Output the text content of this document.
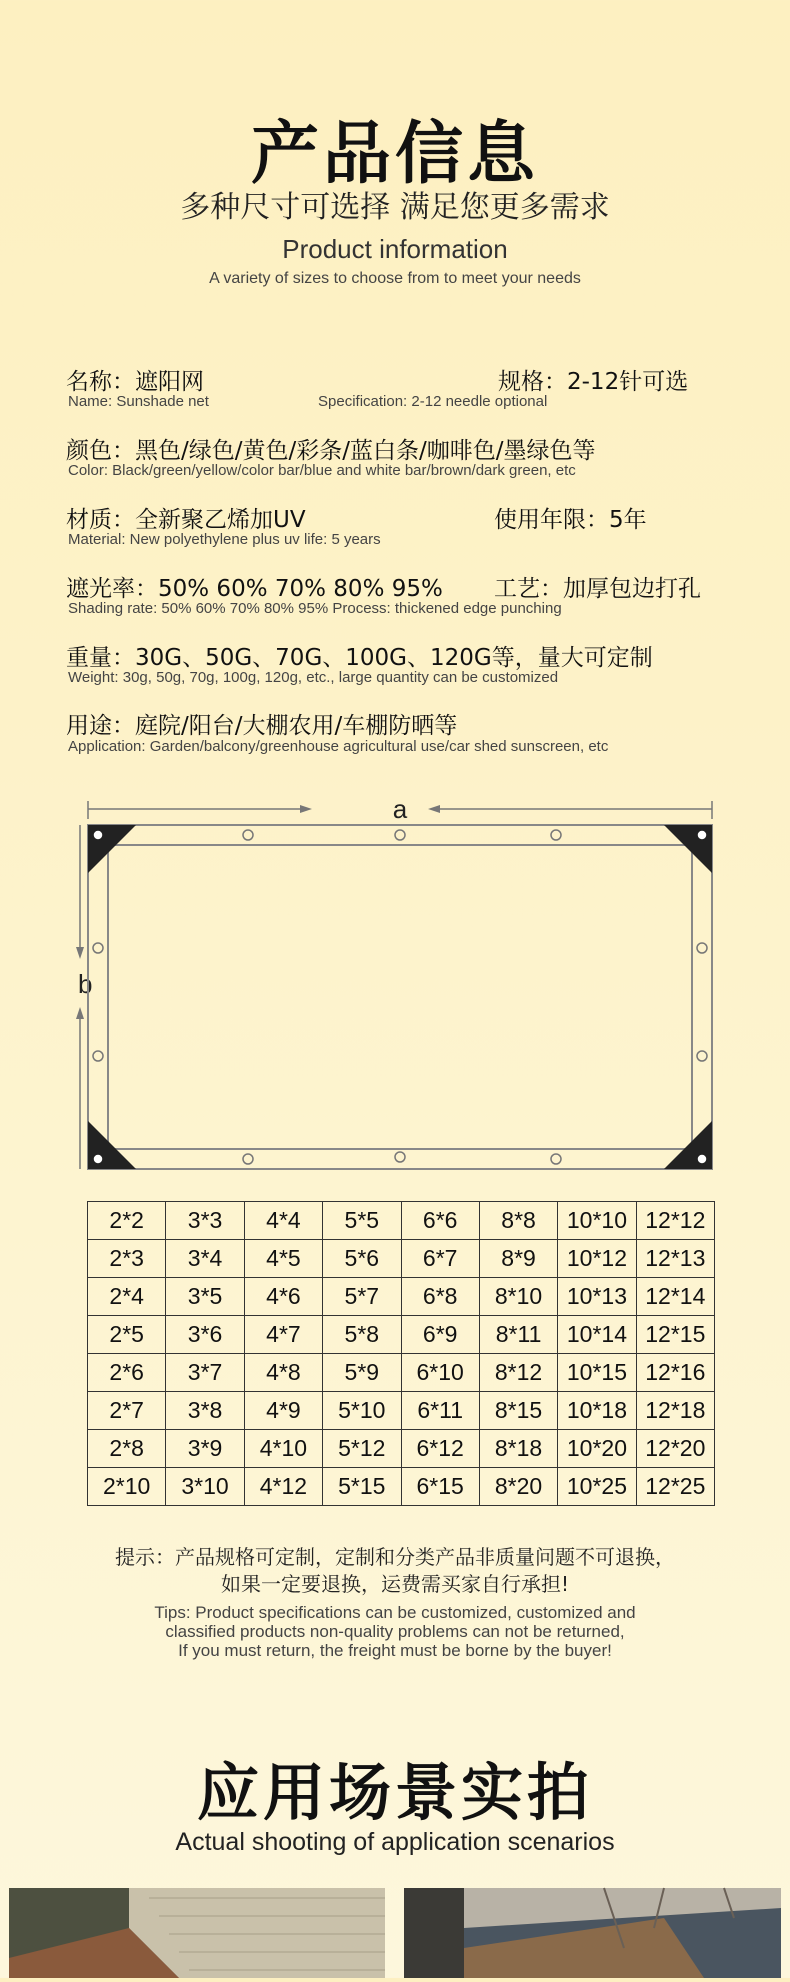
产品信息
多种尺寸可选择 满足您更多需求
Product information
A variety of sizes to choose from to meet your needs
名称：遮阳网	规格：2-12针可选
Name: Sunshade net	Specification: 2-12 needle optional
颜色：黑色/绿色/黄色/彩条/蓝白条/咖啡色/墨绿色等
Color: Black/green/yellow/color bar/blue and white bar/brown/dark green, etc
材质：全新聚乙烯加UV	使用年限：5年
Material: New polyethylene plus uv life: 5 years
遮光率：50% 60% 70% 80% 95% 工艺：加厚包边打孔
Shading rate: 50% 60% 70% 80% 95% Process: thickened edge punching
重量：30G、50G、70G、100G、120G等，量大可定制
Weight: 30g, 50g, 70g, 100g, 120g, etc., large quantity can be customized
用途：庭院/阳台/大棚农用/车棚防晒等
Application: Garden/balcony/greenhouse agricultural use/car shed sunscreen, etc
a
b
2*2	3*3	4*4	5*5	6*6	8*8	10*10	12*12
2*3	3*4	4*5	5*6	6*7	8*9	10*12	12*13
2*4	3*5	4*6	5*7	6*8	8*10	10*13	12*14
2*5	3*6	4*7	5*8	6*9	8*11	10*14	12*15
2*6	3*7	4*8	5*9	6*10	8*12	10*15	12*16
2*7	3*8	4*9	5*10	6*11	8*15	10*18	12*18
2*8	3*9	4*10	5*12	6*12	8*18	10*20	12*20
2*10	3*10	4*12	5*15	6*15	8*20	10*25	12*25
提示：产品规格可定制，定制和分类产品非质量问题不可退换，
如果一定要退换，运费需买家自行承担!
Tips: Product specifications can be customized, customized and
classified products non-quality problems can not be returned,
If you must return, the freight must be borne by the buyer!
应用场景实拍
Actual shooting of application scenarios
